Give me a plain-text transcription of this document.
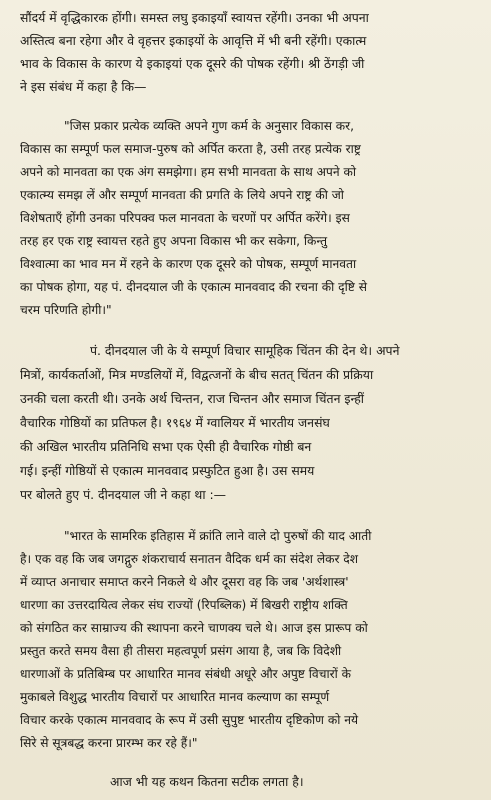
सौंदर्य में वृद्धिकारक होंगी। समस्त लघु इकाइयाँ स्वायत्त रहेंगी। उनका भी अपना
अस्तित्व बना रहेगा और वे वृहत्तर इकाइयों के आवृत्ति में भी बनी रहेंगी। एकात्म
भाव के विकास के कारण ये इकाइयां एक दूसरे की पोषक रहेंगी। श्री ठेंगड़ी जी
ने इस संबंध में कहा है कि—
"जिस प्रकार प्रत्येक व्यक्ति अपने गुण कर्म के अनुसार विकास कर,
विकास का सम्पूर्ण फल समाज-पुरुष को अर्पित करता है, उसी तरह प्रत्येक राष्ट्र
अपने को मानवता का एक अंग समझेगा। हम सभी मानवता के साथ अपने को
एकात्म्य समझ लें और सम्पूर्ण मानवता की प्रगति के लिये अपने राष्ट्र की जो
विशेषताएँ होंगी उनका परिपक्व फल मानवता के चरणों पर अर्पित करेंगे। इस
तरह हर एक राष्ट्र स्वायत्त रहते हुए अपना विकास भी कर सकेगा, किन्तु
विश्वात्मा का भाव मन में रहने के कारण एक दूसरे को पोषक, सम्पूर्ण मानवता
का पोषक होगा, यह पं. दीनदयाल जी के एकात्म मानववाद की रचना की दृष्टि से
चरम परिणति होगी।"
पं. दीनदयाल जी के ये सम्पूर्ण विचार सामूहिक चिंतन की देन थे। अपने
मित्रों, कार्यकर्ताओं, मित्र मण्डलियों में, विद्वत्जनों के बीच सतत् चिंतन की प्रक्रिया
उनकी चला करती थी। उनके अर्थ चिन्तन, राज चिन्तन और समाज चिंतन इन्हीं
वैचारिक गोष्ठियों का प्रतिफल है। १९६४ में ग्वालियर में भारतीय जनसंघ
की अखिल भारतीय प्रतिनिधि सभा एक ऐसी ही वैचारिक गोष्ठी बन
गई। इन्हीं गोष्ठियों से एकात्म मानववाद प्रस्फुटित हुआ है। उस समय
पर बोलते हुए पं. दीनदयाल जी ने कहा था :—
"भारत के सामरिक इतिहास में क्रांति लाने वाले दो पुरुषों की याद आती
है। एक वह कि जब जगद्गुरु शंकराचार्य सनातन वैदिक धर्म का संदेश लेकर देश
में व्याप्त अनाचार समाप्त करने निकले थे और दूसरा वह कि जब 'अर्थशास्त्र'
धारणा का उत्तरदायित्व लेकर संघ राज्यों (रिपब्लिक) में बिखरी राष्ट्रीय शक्ति
को संगठित कर साम्राज्य की स्थापना करने चाणक्य चले थे। आज इस प्रारूप को
प्रस्तुत करते समय वैसा ही तीसरा महत्वपूर्ण प्रसंग आया है, जब कि विदेशी
धारणाओं के प्रतिबिम्ब पर आधारित मानव संबंधी अधूरे और अपुष्ट विचारों के
मुकाबले विशुद्ध भारतीय विचारों पर आधारित मानव कल्याण का सम्पूर्ण
विचार करके एकात्म मानववाद के रूप में उसी सुपुष्ट भारतीय दृष्टिकोण को नये
सिरे से सूत्रबद्ध करना प्रारम्भ कर रहे हैं।"
आज भी यह कथन कितना सटीक लगता है।
